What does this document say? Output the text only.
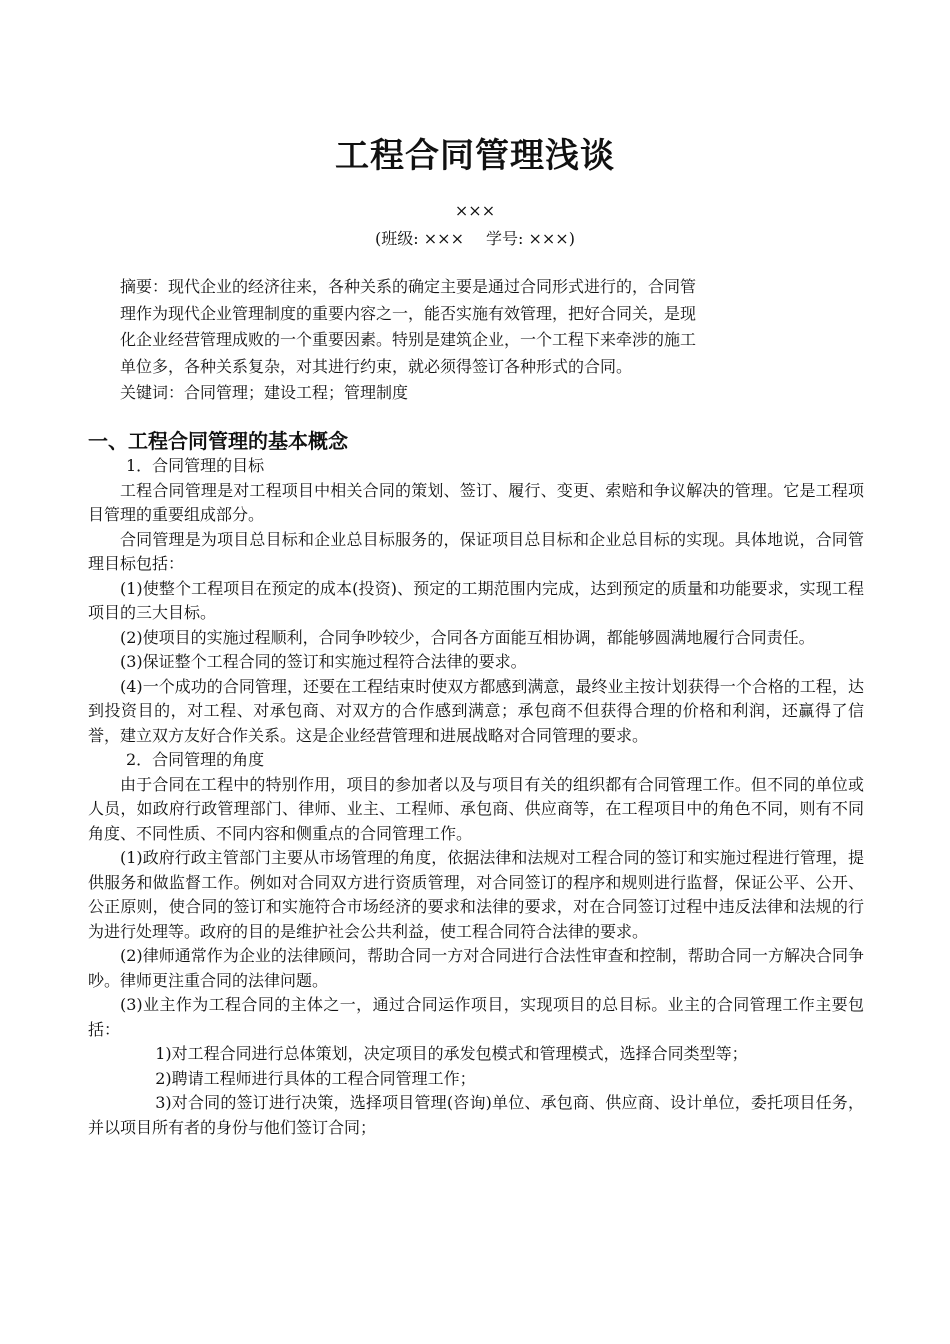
工程合同管理浅谈
×××
(班级: ××× 学号: ×××)
摘要：现代企业的经济往来，各种关系的确定主要是通过合同形式进行的，合同管
理作为现代企业管理制度的重要内容之一，能否实施有效管理，把好合同关，是现
化企业经营管理成败的一个重要因素。特别是建筑企业，一个工程下来牵涉的施工
单位多，各种关系复杂，对其进行约束，就必须得签订各种形式的合同。
关键词：合同管理；建设工程；管理制度
一、工程合同管理的基本概念
1．合同管理的目标
工程合同管理是对工程项目中相关合同的策划、签订、履行、变更、索赔和争议解决的管理。它是工程项目管理的重要组成部分。
合同管理是为项目总目标和企业总目标服务的，保证项目总目标和企业总目标的实现。具体地说，合同管理目标包括：
(1)使整个工程项目在预定的成本(投资)、预定的工期范围内完成，达到预定的质量和功能要求，实现工程项目的三大目标。
(2)使项目的实施过程顺利，合同争吵较少，合同各方面能互相协调，都能够圆满地履行合同责任。
(3)保证整个工程合同的签订和实施过程符合法律的要求。
(4)一个成功的合同管理，还要在工程结束时使双方都感到满意，最终业主按计划获得一个合格的工程，达到投资目的，对工程、对承包商、对双方的合作感到满意；承包商不但获得合理的价格和利润，还赢得了信誉，建立双方友好合作关系。这是企业经营管理和进展战略对合同管理的要求。
2．合同管理的角度
由于合同在工程中的特别作用，项目的参加者以及与项目有关的组织都有合同管理工作。但不同的单位或人员，如政府行政管理部门、律师、业主、工程师、承包商、供应商等，在工程项目中的角色不同，则有不同角度、不同性质、不同内容和侧重点的合同管理工作。
(1)政府行政主管部门主要从市场管理的角度，依据法律和法规对工程合同的签订和实施过程进行管理，提供服务和做监督工作。例如对合同双方进行资质管理，对合同签订的程序和规则进行监督，保证公平、公开、公正原则，使合同的签订和实施符合市场经济的要求和法律的要求，对在合同签订过程中违反法律和法规的行为进行处理等。政府的目的是维护社会公共利益，使工程合同符合法律的要求。
(2)律师通常作为企业的法律顾问，帮助合同一方对合同进行合法性审查和控制，帮助合同一方解决合同争吵。律师更注重合同的法律问题。
(3)业主作为工程合同的主体之一，通过合同运作项目，实现项目的总目标。业主的合同管理工作主要包括：
1)对工程合同进行总体策划，决定项目的承发包模式和管理模式，选择合同类型等；
2)聘请工程师进行具体的工程合同管理工作；
3)对合同的签订进行决策，选择项目管理(咨询)单位、承包商、供应商、设计单位，委托项目任务，并以项目所有者的身份与他们签订合同；
